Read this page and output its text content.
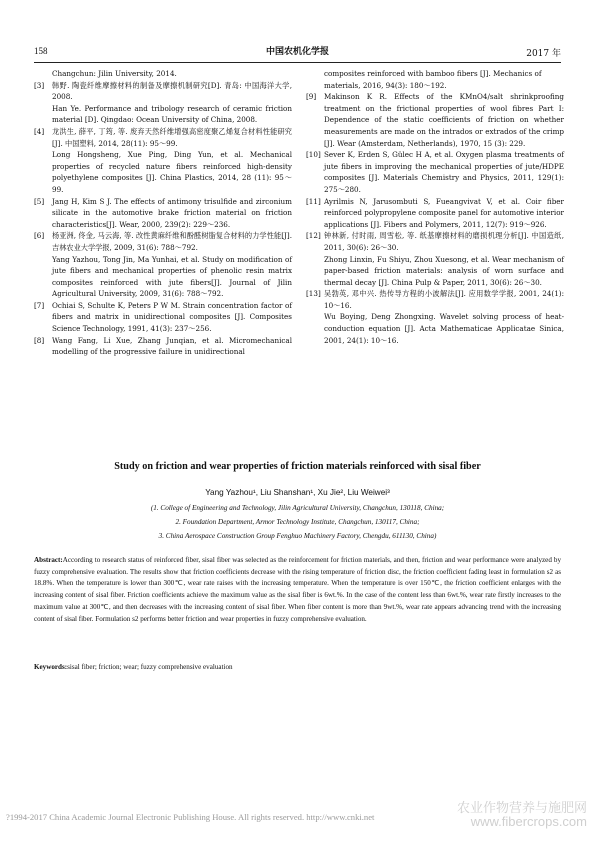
158	中国农机化学报	2017 年
Changchun: Jilin University, 2014.
[3] 韩野. 陶瓷纤维摩擦材料的制备及摩擦机制研究[D]. 青岛: 中国海洋大学, 2008.
Han Ye. Performance and tribology research of ceramic friction material [D]. Qingdao: Ocean University of China, 2008.
[4] 龙洪生, 薛平, 丁筠, 等. 废弃天然纤维增强高密度聚乙烯复合材料性能研究[J]. 中国塑料, 2014, 28(11): 95～99.
Long Hongsheng, Xue Ping, Ding Yun, et al. Mechanical properties of recycled nature fibers reinforced high-density polyethylene composites [J]. China Plastics, 2014, 28 (11): 95～99.
[5] Jang H, Kim S J. The effects of antimony trisulfide and zirconium silicate in the automotive brake friction material on friction characteristics[J]. Wear, 2000, 239(2): 229～236.
[6] 杨亚洲, 佟金, 马云海, 等. 改性黄麻纤维和酚醛树脂复合材料的力学性能[J]. 吉林农业大学学报, 2009, 31(6): 788～792.
Yang Yazhou, Tong Jin, Ma Yunhai, et al. Study on modification of jute fibers and mechanical properties of phenolic resin matrix composites reinforced with jute fibers[J]. Journal of Jilin Agricultural University, 2009, 31(6): 788～792.
[7] Ochiai S, Schulte K, Peters P W M. Strain concentration factor of fibers and matrix in unidirectional composites [J]. Composites Science Technology, 1991, 41(3): 237～256.
[8] Wang Fang, Li Xue, Zhang Junqian, et al. Micromechanical modelling of the progressive failure in unidirectional
composites reinforced with bamboo fibers [J]. Mechanics of materials, 2016, 94(3): 180～192.
[9] Makinson K R. Effects of the KMnO4/salt shrinkproofing treatment on the frictional properties of wool fibres Part I: Dependence of the static coefficients of friction on whether measurements are made on the intrados or extrados of the crimp [J]. Wear (Amsterdam, Netherlands), 1970, 15 (3): 229.
[10] Sever K, Erden S, Gülec H A, et al. Oxygen plasma treatments of jute fibers in improving the mechanical properties of jute/HDPE composites [J]. Materials Chemistry and Physics, 2011, 129(1): 275～280.
[11] Ayrilmis N, Jarusombuti S, Fueangvivat V, et al. Coir fiber reinforced polypropylene composite panel for automotive interior applications [J]. Fibers and Polymers, 2011, 12(7): 919～926.
[12] 钟林新, 付时雨, 周雪松, 等. 纸基摩擦材料的磨损机理分析[J]. 中国造纸, 2011, 30(6): 26～30.
Zhong Linxin, Fu Shiyu, Zhou Xuesong, et al. Wear mechanism of paper-based friction materials: analysis of worn surface and thermal decay [J]. China Pulp & Paper, 2011, 30(6): 26～30.
[13] 吴勃英, 邓中兴. 热传导方程的小波解法[J]. 应用数学学报, 2001, 24(1): 10～16.
Wu Boying, Deng Zhongxing. Wavelet solving process of heat-conduction equation [J]. Acta Mathematicae Applicatae Sinica, 2001, 24(1): 10～16.
Study on friction and wear properties of friction materials reinforced with sisal fiber
Yang Yazhou¹, Liu Shanshan¹, Xu Jie², Liu Weiwei³
(1. College of Engineering and Technology, Jilin Agricultural University, Changchun, 130118, China;
2. Foundation Department, Armor Technology Institute, Changchun, 130117, China;
3. China Aerospace Construction Group Fenghuo Machinery Factory, Chengdu, 611130, China)
Abstract:According to research status of reinforced fiber, sisal fiber was selected as the reinforcement for friction materials, and then, friction and wear performance were analyzed by fuzzy comprehensive evaluation. The results show that friction coefficients decrease with the rising temperature of friction disc, the friction coefficient fading least in formulation s2 as 18.8%. When the temperature is lower than 300℃, wear rate raises with the increasing temperature. When the temperature is over 150℃, the friction coefficient enlarges with the increasing content of sisal fiber. Friction coefficients achieve the maximum value as the sisal fiber is 6wt.%. In the case of the content less than 6wt.%, wear rate firstly increases to the maximum value at 300℃, and then decreases with the increasing content of sisal fiber. When fiber content is more than 9wt.%, wear rate appears advancing trend with the increasing content of sisal fiber. Formulation s2 performs better friction and wear properties in fuzzy comprehensive evaluation.
Keywords:sisal fiber; friction; wear; fuzzy comprehensive evaluation
?1994-2017 China Academic Journal Electronic Publishing House. All rights reserved. http://www.cnki.net
农业作物营养与施肥网
www.fibercrops.com
